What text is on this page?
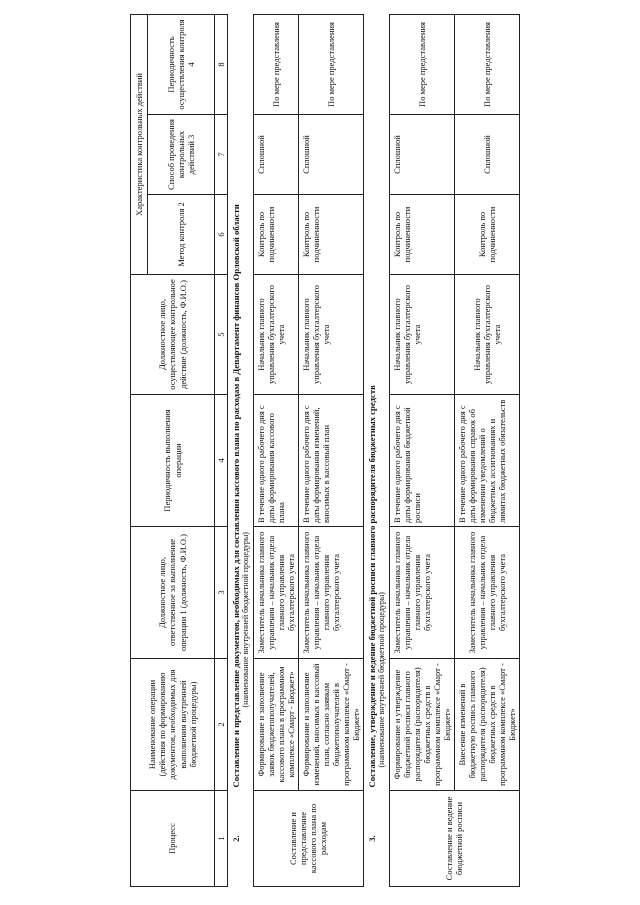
Процесс	Наименование операции (действия по формированию документов, необходимых для выполнения внутренней бюджетной процедуры)	Должностное лицо, ответственное за выполнение операции 1 (должность, Ф.И.О.)	Периодичность выполнения операции	Должностное лицо, осуществляющее контрольное действие (должность, Ф.И.О.)	Характеристика контрольных действий		
					Метод контроля 2	Способ проведения контрольных действий 3	Периодичность осуществления контроля 4
1	2	3	4	5	6	7	8
2.	Составление и представление документов, необходимых для составления кассового плана по расходам в Департамент финансов Орловской области (наименование внутренней бюджетной процедуры)						

Составление и представление кассового плана по расходам	Формирование и заполнение заявок бюджетополучателей, кассового плана в программном комплексе «Смарт - Бюджет»	Заместитель начальника главного управления – начальник отдела главного управления бухгалтерского учета	В течение одного рабочего дня с даты формирования кассового плана	Начальник главного управления бухгалтерского учета	Контроль по подчиненности	Сплошной	По мере представления
	Формирование и заполнение изменений, вносимых в кассовый план, согласно заявкам бюджетополучателей в программном комплексе «Смарт - Бюджет»	Заместитель начальника главного управления – начальник отдела главного управления бухгалтерского учета	В течение одного рабочего дня с даты формирования изменений, вносимых в кассовый план	Начальник главного управления бухгалтерского учета	Контроль по подчиненности	Сплошной	По мере представления
3.	Составление, утверждение и ведение бюджетной росписи главного распорядителя бюджетных средств (наименование внутренней бюджетной процедуры)						

Составление и ведение бюджетной росписи	Формирование и утверждение бюджетной росписи главного распорядителя (распорядителя) бюджетных средств в программном комплексе «Смарт - Бюджет»	Заместитель начальника главного управления – начальник отдела главного управления бухгалтерского учета	В течение одного рабочего дня с даты формирования бюджетной росписи	Начальник главного управления бухгалтерского учета	Контроль по подчиненности	Сплошной	По мере представления
	Внесение изменений в бюджетную роспись главного распорядителя (распорядителя) бюджетных средств в программном комплексе «Смарт - Бюджет»	Заместитель начальника главного управления – начальник отдела главного управления бухгалтерского учета	В течение одного рабочего дня с даты формирования справок об изменении уведомлений о бюджетных ассигнованиях и лимитах бюджетных обязательств	Начальник главного управления бухгалтерского учета	Контроль по подчиненности	Сплошной	По мере представления
